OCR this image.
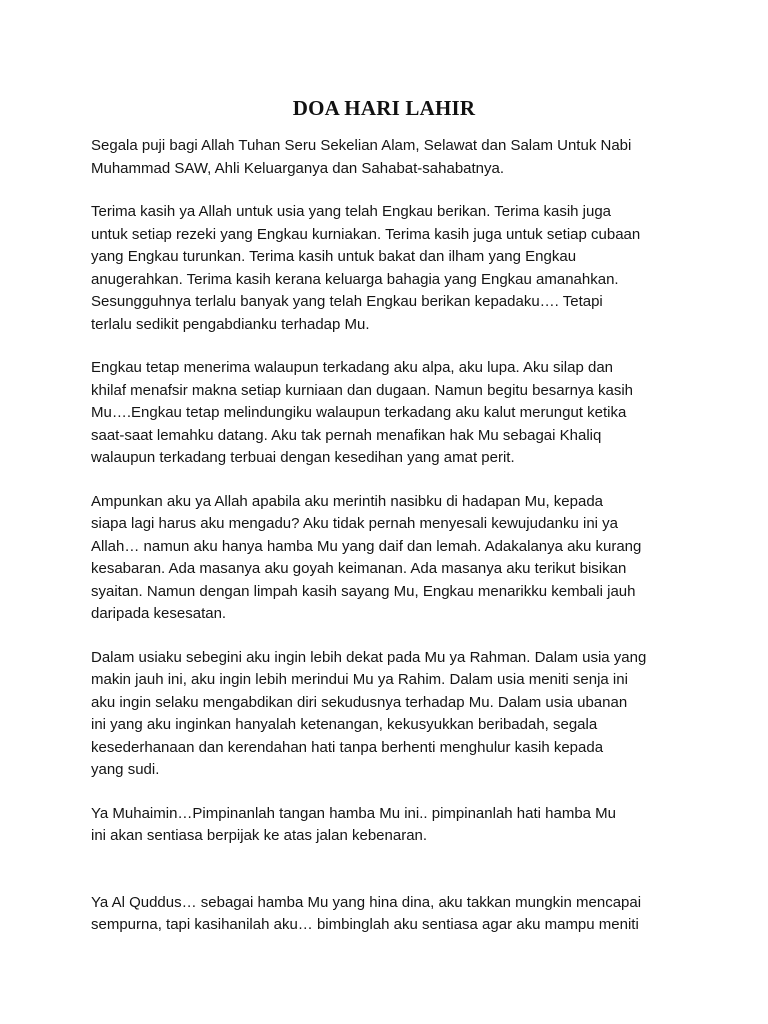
DOA HARI LAHIR

Segala puji bagi Allah Tuhan Seru Sekelian Alam, Selawat dan Salam Untuk Nabi
Muhammad SAW, Ahli Keluarganya dan Sahabat-sahabatnya.

Terima kasih ya Allah untuk usia yang telah Engkau berikan. Terima kasih juga
untuk setiap rezeki yang Engkau kurniakan. Terima kasih juga untuk setiap cubaan
yang Engkau turunkan. Terima kasih untuk bakat dan ilham yang Engkau
anugerahkan. Terima kasih kerana keluarga bahagia yang Engkau amanahkan.
Sesungguhnya terlalu banyak yang telah Engkau berikan kepadaku…. Tetapi
terlalu sedikit pengabdianku terhadap Mu.

Engkau tetap menerima walaupun terkadang aku alpa, aku lupa. Aku silap dan
khilaf menafsir makna setiap kurniaan dan dugaan. Namun begitu besarnya kasih
Mu….Engkau tetap melindungiku walaupun terkadang aku kalut merungut ketika
saat-saat lemahku datang. Aku tak pernah menafikan hak Mu sebagai Khaliq
walaupun terkadang terbuai dengan kesedihan yang amat perit.

Ampunkan aku ya Allah apabila aku merintih nasibku di hadapan Mu, kepada
siapa lagi harus aku mengadu? Aku tidak pernah menyesali kewujudanku ini ya
Allah… namun aku hanya hamba Mu yang daif dan lemah. Adakalanya aku kurang
kesabaran. Ada masanya aku goyah keimanan. Ada masanya aku terikut bisikan
syaitan. Namun dengan limpah kasih sayang Mu, Engkau menarikku kembali jauh
daripada kesesatan.

Dalam usiaku sebegini aku ingin lebih dekat pada Mu ya Rahman. Dalam usia yang
makin jauh ini, aku ingin lebih merindui Mu ya Rahim. Dalam usia meniti senja ini
aku ingin selaku mengabdikan diri sekudusnya terhadap Mu. Dalam usia ubanan
ini yang aku inginkan hanyalah ketenangan, kekusyukkan beribadah, segala
kesederhanaan dan kerendahan hati tanpa berhenti menghulur kasih kepada
yang sudi.

Ya Muhaimin…Pimpinanlah tangan hamba Mu ini.. pimpinanlah hati hamba Mu
ini akan sentiasa berpijak ke atas jalan kebenaran.

Ya Al Quddus… sebagai hamba Mu yang hina dina, aku takkan mungkin mencapai
sempurna, tapi kasihanilah aku… bimbinglah aku sentiasa agar aku mampu meniti
